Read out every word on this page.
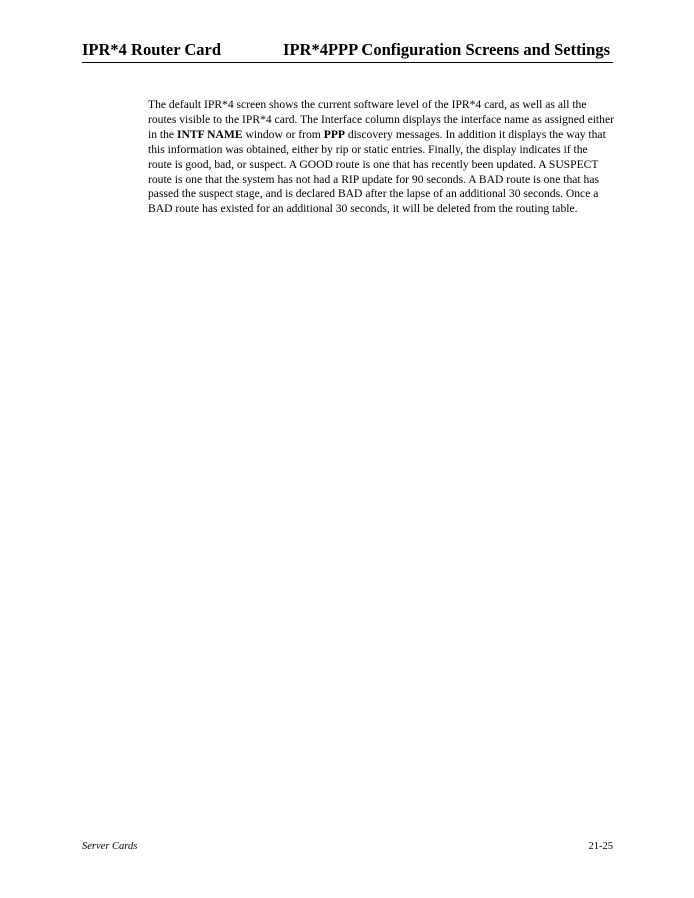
IPR*4 Router Card	IPR*4PPP Configuration Screens and Settings

The default IPR*4 screen shows the current software level of the IPR*4 card, as well as all the routes visible to the IPR*4 card. The Interface column displays the interface name as assigned either in the INTF NAME window or from PPP discovery messages. In addition it displays the way that this information was obtained, either by rip or static entries. Finally, the display indicates if the route is good, bad, or suspect. A GOOD route is one that has recently been updated. A SUSPECT route is one that the system has not had a RIP update for 90 seconds. A BAD route is one that has passed the suspect stage, and is declared BAD after the lapse of an additional 30 seconds. Once a BAD route has existed for an additional 30 seconds, it will be deleted from the routing table.

Server Cards	21-25
